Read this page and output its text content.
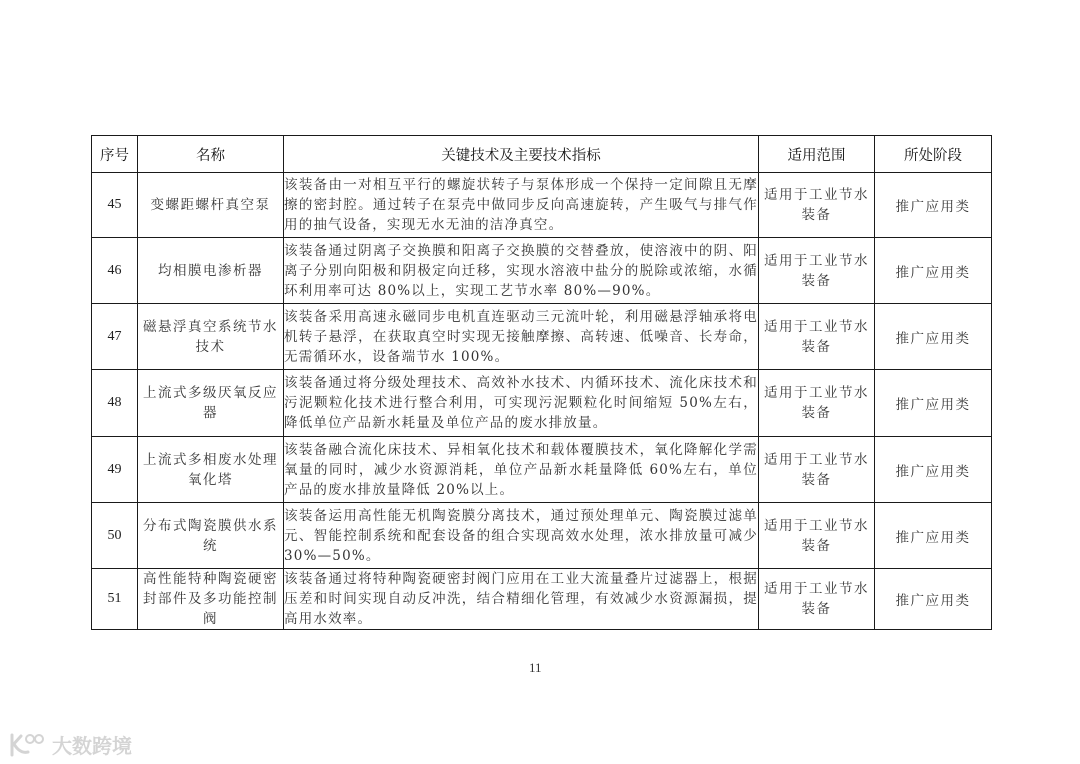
序号	名称	关键技术及主要技术指标	适用范围	所处阶段
45	变螺距螺杆真空泵	该装备由一对相互平行的螺旋状转子与泵体形成一个保持一定间隙且无摩擦的密封腔。通过转子在泵壳中做同步反向高速旋转，产生吸气与排气作用的抽气设备，实现无水无油的洁净真空。	适用于工业节水装备	推广应用类
46	均相膜电渗析器	该装备通过阴离子交换膜和阳离子交换膜的交替叠放，使溶液中的阴、阳离子分别向阳极和阴极定向迁移，实现水溶液中盐分的脱除或浓缩，水循环利用率可达 80%以上，实现工艺节水率 80%—90%。	适用于工业节水装备	推广应用类
47	磁悬浮真空系统节水技术	该装备采用高速永磁同步电机直连驱动三元流叶轮，利用磁悬浮轴承将电机转子悬浮，在获取真空时实现无接触摩擦、高转速、低噪音、长寿命，无需循环水，设备端节水 100%。	适用于工业节水装备	推广应用类
48	上流式多级厌氧反应器	该装备通过将分级处理技术、高效补水技术、内循环技术、流化床技术和污泥颗粒化技术进行整合利用，可实现污泥颗粒化时间缩短 50%左右，降低单位产品新水耗量及单位产品的废水排放量。	适用于工业节水装备	推广应用类
49	上流式多相废水处理氧化塔	该装备融合流化床技术、异相氧化技术和载体覆膜技术，氧化降解化学需氧量的同时，减少水资源消耗，单位产品新水耗量降低 60%左右，单位产品的废水排放量降低 20%以上。	适用于工业节水装备	推广应用类
50	分布式陶瓷膜供水系统	该装备运用高性能无机陶瓷膜分离技术，通过预处理单元、陶瓷膜过滤单元、智能控制系统和配套设备的组合实现高效水处理，浓水排放量可减少 30%—50%。	适用于工业节水装备	推广应用类
51	高性能特种陶瓷硬密封部件及多功能控制阀	该装备通过将特种陶瓷硬密封阀门应用在工业大流量叠片过滤器上，根据压差和时间实现自动反冲洗，结合精细化管理，有效减少水资源漏损，提高用水效率。	适用于工业节水装备	推广应用类
11
大数跨境
